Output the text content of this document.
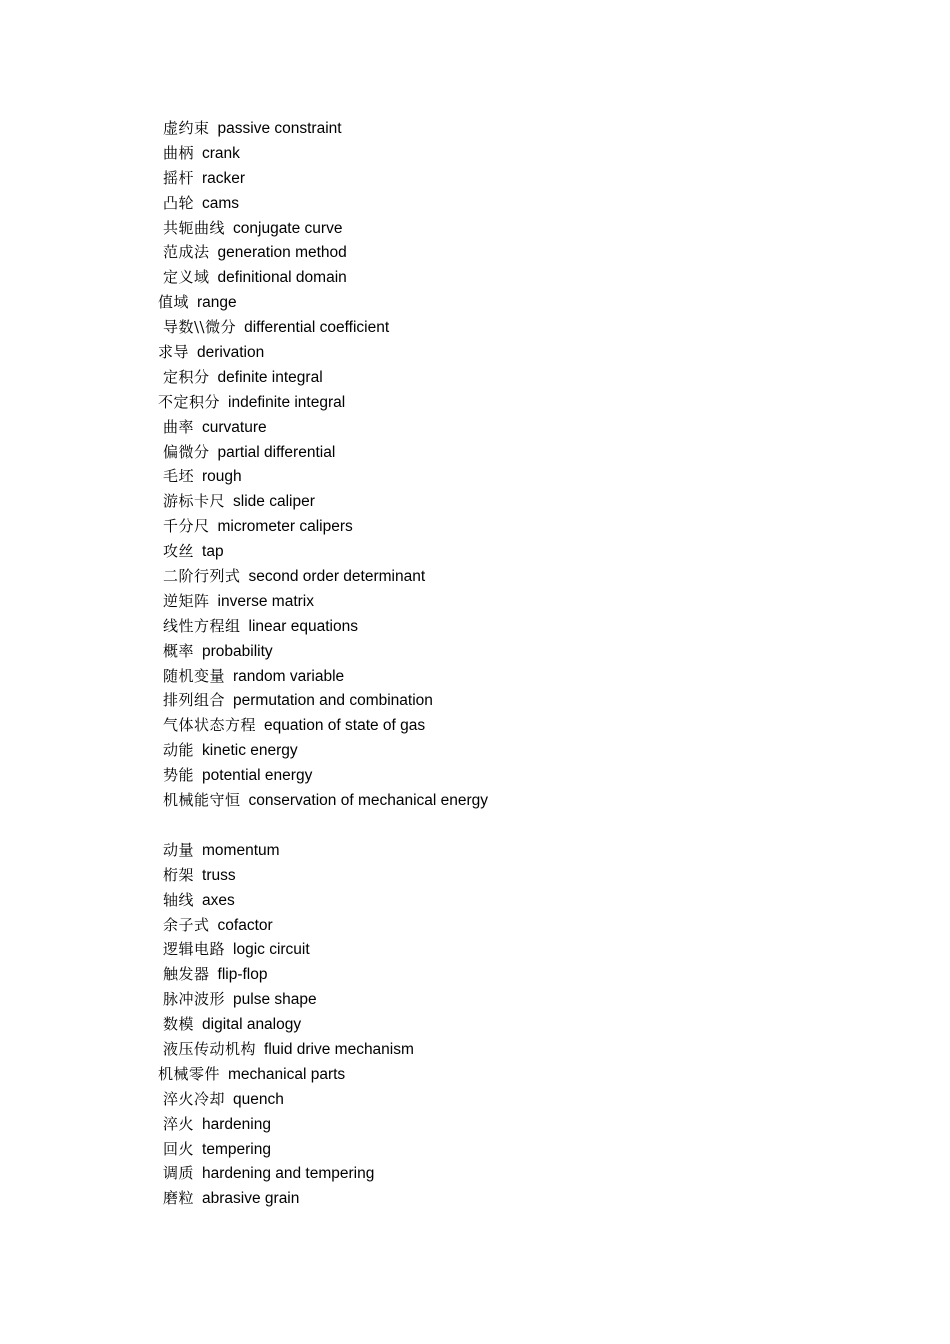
虚约束 passive constraint
曲柄 crank
摇杆 racker
凸轮 cams
共轭曲线 conjugate curve
范成法 generation method
定义域 definitional domain
值域 range
导数\\微分 differential coefficient
求导 derivation
定积分 definite integral
不定积分 indefinite integral
曲率 curvature
偏微分 partial differential
毛坯 rough
游标卡尺 slide caliper
千分尺 micrometer calipers
攻丝 tap
二阶行列式 second order determinant
逆矩阵 inverse matrix
线性方程组 linear equations
概率 probability
随机变量 random variable
排列组合 permutation and combination
气体状态方程 equation of state of gas
动能 kinetic energy
势能 potential energy
机械能守恒 conservation of mechanical energy
动量 momentum
桁架 truss
轴线 axes
余子式 cofactor
逻辑电路 logic circuit
触发器 flip-flop
脉冲波形 pulse shape
数模 digital analogy
液压传动机构 fluid drive mechanism
机械零件 mechanical parts
淬火冷却 quench
淬火 hardening
回火 tempering
调质 hardening and tempering
磨粒 abrasive grain
